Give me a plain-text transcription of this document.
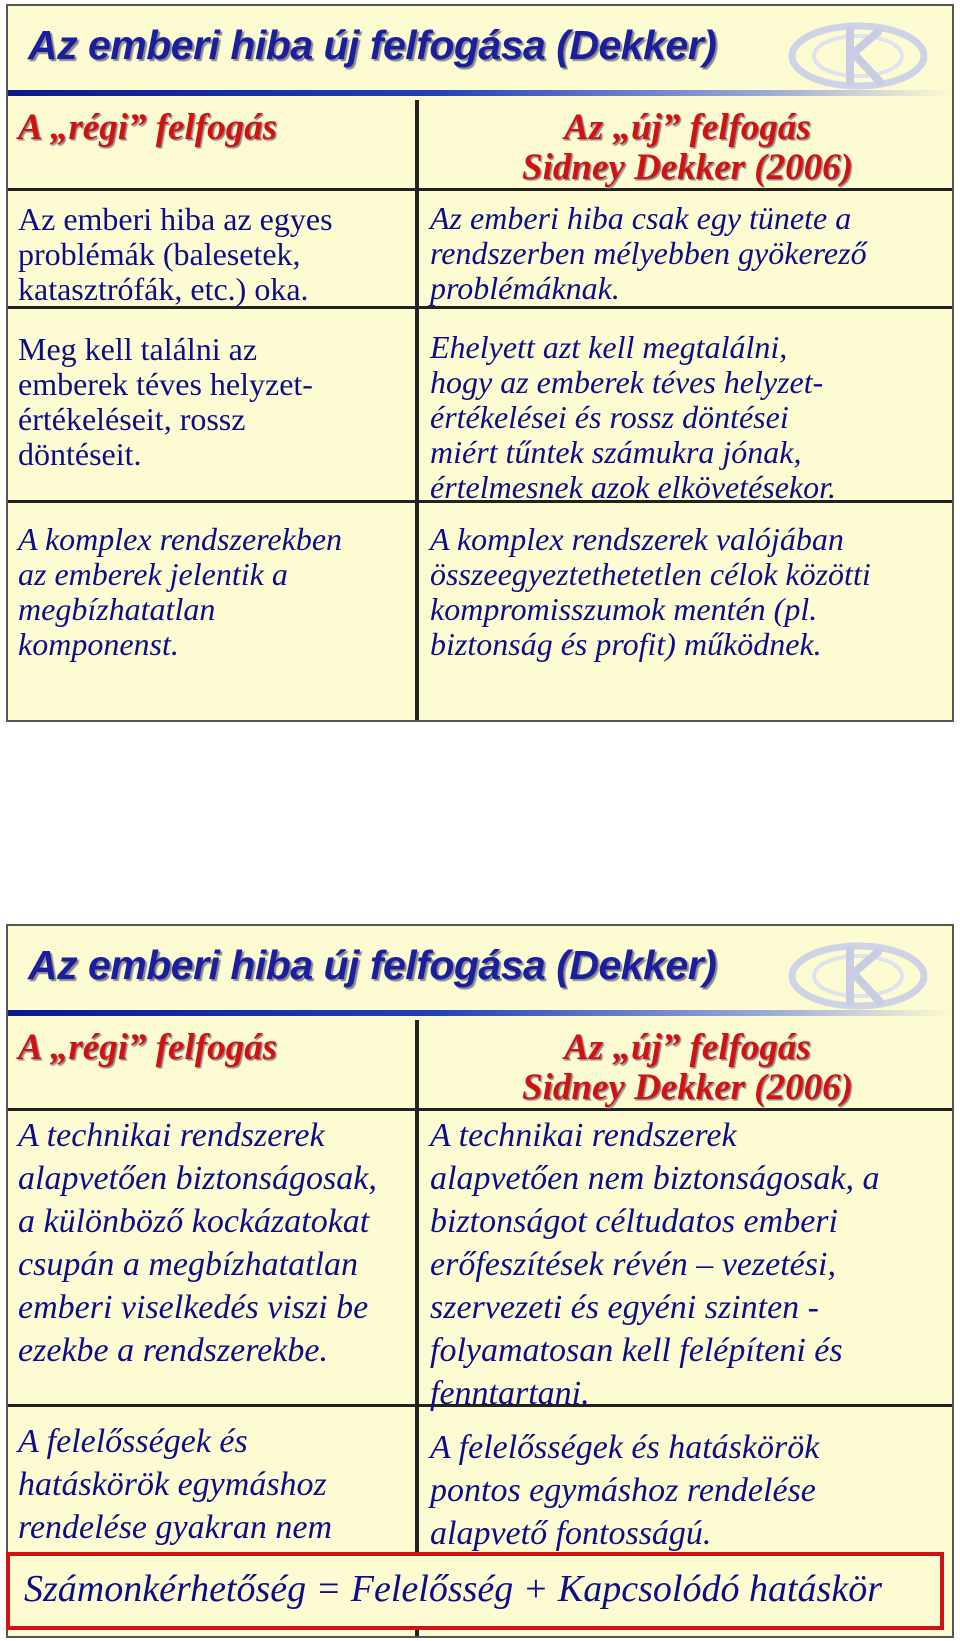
Az emberi hiba új felfogása (Dekker)
A „régi” felfogás	Az „új” felfogás
Sidney Dekker (2006)

Az emberi hiba az egyes
problémák (balesetek,
katasztrófák, etc.) oka.

Az emberi hiba csak egy tünete a
rendszerben mélyebben gyökerező
problémáknak.

Meg kell találni az
emberek téves helyzet-
értékeléseit, rossz
döntéseit.

Ehelyett azt kell megtalálni,
hogy az emberek téves helyzet-
értékelései és rossz döntései
miért tűntek számukra jónak,
értelmesnek azok elkövetésekor.

A komplex rendszerekben
az emberek jelentik a
megbízhatatlan
komponenst.

A komplex rendszerek valójában
összeegyeztethetetlen célok közötti
kompromisszumok mentén (pl.
biztonság és profit) működnek.

Az emberi hiba új felfogása (Dekker)
A „régi” felfogás	Az „új” felfogás
Sidney Dekker (2006)

A technikai rendszerek
alapvetően biztonságosak,
a különböző kockázatokat
csupán a megbízhatatlan
emberi viselkedés viszi be
ezekbe a rendszerekbe.

A technikai rendszerek
alapvetően nem biztonságosak, a
biztonságot céltudatos emberi
erőfeszítések révén – vezetési,
szervezeti és egyéni szinten -
folyamatosan kell felépíteni és
fenntartani.

A felelősségek és
hatáskörök egymáshoz
rendelése gyakran nem

A felelősségek és hatáskörök
pontos egymáshoz rendelése
alapvető fontosságú.

Számonkérhetőség = Felelősség + Kapcsolódó hatáskör
